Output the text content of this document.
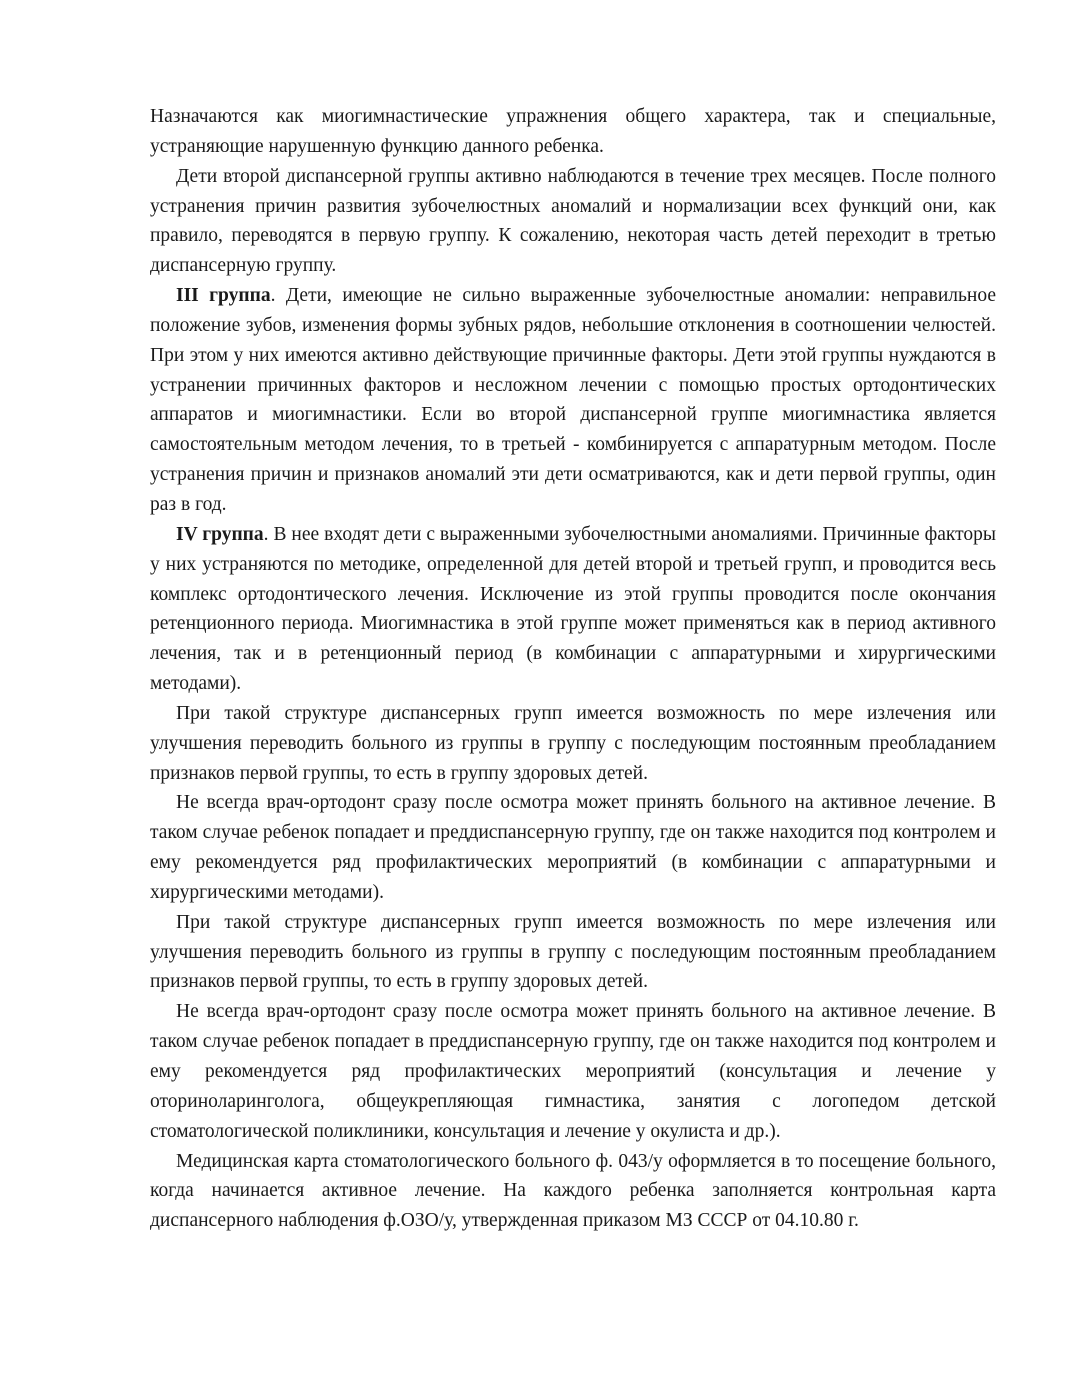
Назначаются как миогимнастические упражнения общего характера, так и специальные, устраняющие нарушенную функцию данного ребенка.

Дети второй диспансерной группы активно наблюдаются в течение трех месяцев. После полного устранения причин развития зубочелюстных аномалий и нормализации всех функций они, как правило, переводятся в первую группу. К сожалению, некоторая часть детей переходит в третью диспансерную группу.

III группа. Дети, имеющие не сильно выраженные зубочелюстные аномалии: неправильное положение зубов, изменения формы зубных рядов, небольшие отклонения в соотношении челюстей. При этом у них имеются активно действующие причинные факторы. Дети этой группы нуждаются в устранении причинных факторов и несложном лечении с помощью простых ортодонтических аппаратов и миогимнастики. Если во второй диспансерной группе миогимнастика является самостоятельным методом лечения, то в третьей - комбинируется с аппаратурным методом. После устранения причин и признаков аномалий эти дети осматриваются, как и дети первой группы, один раз в год.

IV группа. В нее входят дети с выраженными зубочелюстными аномалиями. Причинные факторы у них устраняются по методике, определенной для детей второй и третьей групп, и проводится весь комплекс ортодонтического лечения. Исключение из этой группы проводится после окончания ретенционного периода. Миогимнастика в этой группе может применяться как в период активного лечения, так и в ретенционный период (в комбинации с аппаратурными и хирургическими методами).

При такой структуре диспансерных групп имеется возможность по мере излечения или улучшения переводить больного из группы в группу с последующим постоянным преобладанием признаков первой группы, то есть в группу здоровых детей.

Не всегда врач-ортодонт сразу после осмотра может принять больного на активное лечение. В таком случае ребенок попадает и преддиспансерную группу, где он также находится под контролем и ему рекомендуется ряд профилактических мероприятий (в комбинации с аппаратурными и хирургическими методами).

При такой структуре диспансерных групп имеется возможность по мере излечения или улучшения переводить больного из группы в группу с последующим постоянным преобладанием признаков первой группы, то есть в группу здоровых детей.

Не всегда врач-ортодонт сразу после осмотра может принять больного на активное лечение. В таком случае ребенок попадает в преддиспансерную группу, где он также находится под контролем и ему рекомендуется ряд профилактических мероприятий (консультация и лечение у оториноларинголога, общеукрепляющая гимнастика, занятия с логопедом детской стоматологической поликлиники, консультация и лечение у окулиста и др.).

Медицинская карта стоматологического больного ф. 043/у оформляется в то посещение больного, когда начинается активное лечение. На каждого ребенка заполняется контрольная карта диспансерного наблюдения ф.ОЗО/у, утвержденная приказом МЗ СССР от 04.10.80 г.
